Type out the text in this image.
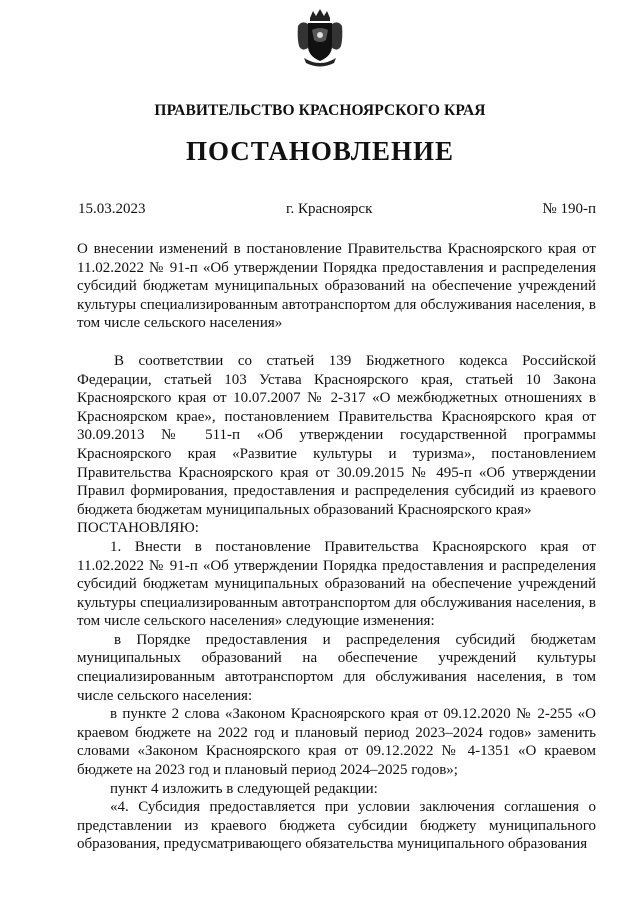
ПРАВИТЕЛЬСТВО КРАСНОЯРСКОГО КРАЯ
ПОСТАНОВЛЕНИЕ
15.03.2023	г. Красноярск	№ 190-п

О внесении изменений в постановление Правительства Красноярского края от 11.02.2022 № 91-п «Об утверждении Порядка предоставления и распределения субсидий бюджетам муниципальных образований на обеспечение учреждений культуры специализированным автотранспортом для обслуживания населения, в том числе сельского населения»

В соответствии со статьей 139 Бюджетного кодекса Российской Федерации, статьей 103 Устава Красноярского края, статьей 10 Закона Красноярского края от 10.07.2007 № 2-317 «О межбюджетных отношениях в Красноярском крае», постановлением Правительства Красноярского края от 30.09.2013 № 511-п «Об утверждении государственной программы Красноярского края «Развитие культуры и туризма», постановлением Правительства Красноярского края от 30.09.2015 № 495-п «Об утверждении Правил формирования, предоставления и распределения субсидий из краевого бюджета бюджетам муниципальных образований Красноярского края»

ПОСТАНОВЛЯЮ:

1. Внести в постановление Правительства Красноярского края от 11.02.2022 № 91-п «Об утверждении Порядка предоставления и распределения субсидий бюджетам муниципальных образований на обеспечение учреждений культуры специализированным автотранспортом для обслуживания населения, в том числе сельского населения» следующие изменения:

в Порядке предоставления и распределения субсидий бюджетам муниципальных образований на обеспечение учреждений культуры специализированным автотранспортом для обслуживания населения, в том числе сельского населения:

в пункте 2 слова «Законом Красноярского края от 09.12.2020 № 2-255 «О краевом бюджете на 2022 год и плановый период 2023–2024 годов» заменить словами «Законом Красноярского края от 09.12.2022 № 4-1351 «О краевом бюджете на 2023 год и плановый период 2024–2025 годов»;

пункт 4 изложить в следующей редакции:

«4. Субсидия предоставляется при условии заключения соглашения о представлении из краевого бюджета субсидии бюджету муниципального образования, предусматривающего обязательства муниципального образования
